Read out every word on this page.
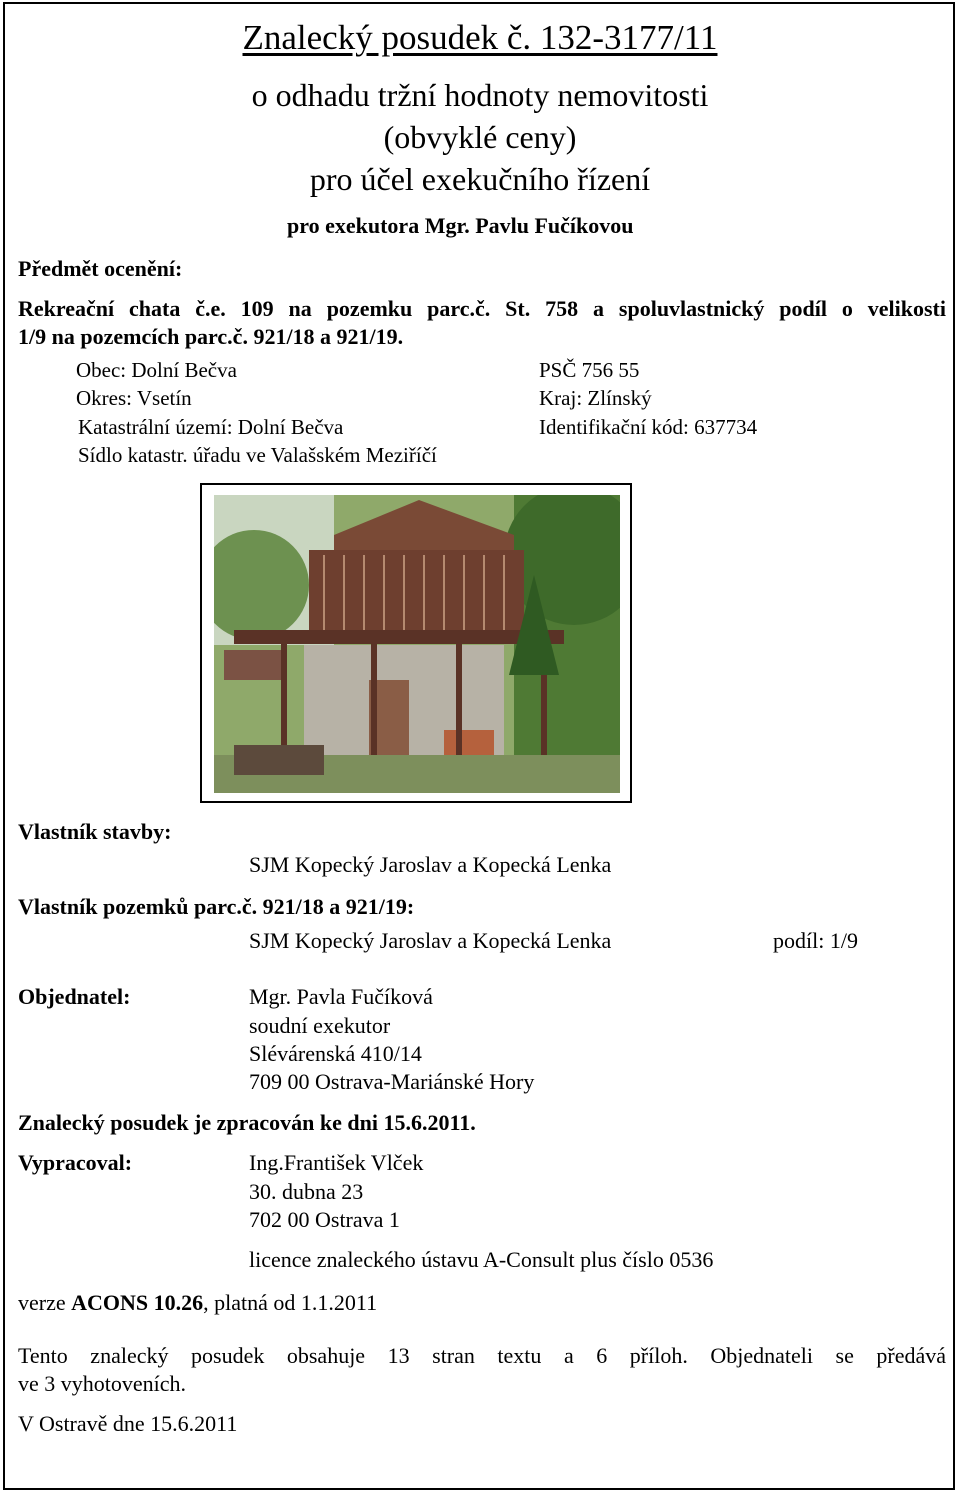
Znalecký posudek č. 132-3177/11
o odhadu tržní hodnoty nemovitosti
(obvyklé ceny)
pro účel exekučního řízení
pro exekutora Mgr. Pavlu Fučíkovou
Předmět ocenění:
Rekreační chata č.e. 109 na pozemku parc.č. St. 758 a spoluvlastnický podíl o velikosti
1/9 na pozemcích parc.č. 921/18 a 921/19.
Obec: Dolní Bečva	PSČ 756 55
Okres: Vsetín	Kraj: Zlínský
Katastrální území: Dolní Bečva	Identifikační kód: 637734
Sídlo katastr. úřadu ve Valašském Meziříčí
Vlastník stavby:
SJM Kopecký Jaroslav a Kopecká Lenka
Vlastník pozemků parc.č. 921/18 a 921/19:
SJM Kopecký Jaroslav a Kopecká Lenka	podíl: 1/9
Objednatel:	Mgr. Pavla Fučíková
soudní exekutor
Slévárenská 410/14
709 00 Ostrava-Mariánské Hory
Znalecký posudek je zpracován ke dni 15.6.2011.
Vypracoval:	Ing.František Vlček
30. dubna 23
702 00 Ostrava 1
licence znaleckého ústavu A-Consult plus číslo 0536
verze ACONS 10.26, platná od 1.1.2011
Tento znalecký posudek obsahuje 13 stran textu a 6 příloh. Objednateli se předává
ve 3 vyhotoveních.
V Ostravě dne 15.6.2011
